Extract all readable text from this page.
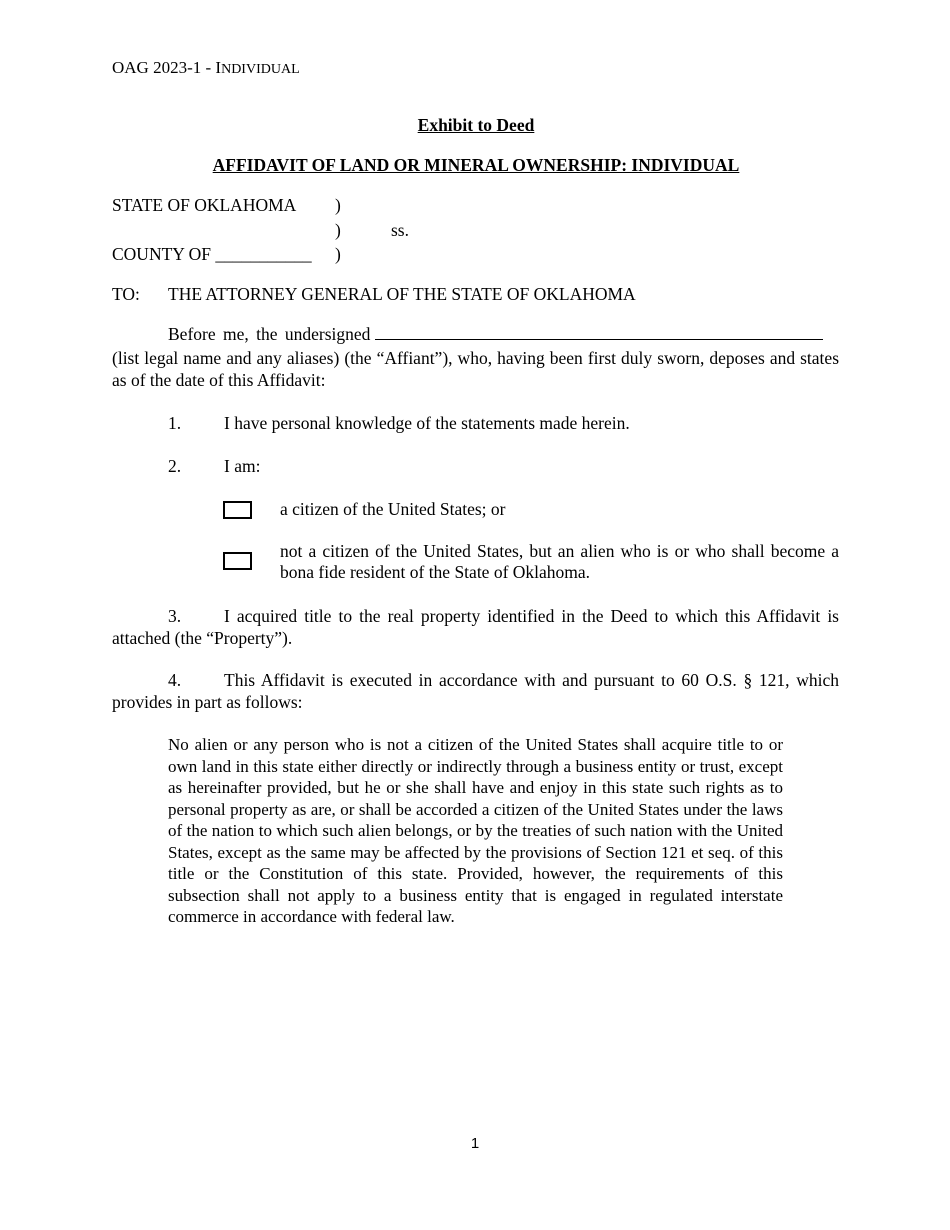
OAG 2023-1 - INDIVIDUAL
Exhibit to Deed
AFFIDAVIT OF LAND OR MINERAL OWNERSHIP: INDIVIDUAL
STATE OF OKLAHOMA )
)	ss.
COUNTY OF ___________ )
TO: THE ATTORNEY GENERAL OF THE STATE OF OKLAHOMA
Before me, the undersigned
(list legal name and any aliases) (the “Affiant”), who, having been first duly sworn, deposes and states as of the date of this Affidavit:
1. I have personal knowledge of the statements made herein.
2. I am:
a citizen of the United States; or
not a citizen of the United States, but an alien who is or who shall become a bona fide resident of the State of Oklahoma.
3. I acquired title to the real property identified in the Deed to which this Affidavit is attached (the “Property”).
4. This Affidavit is executed in accordance with and pursuant to 60 O.S. § 121, which provides in part as follows:
No alien or any person who is not a citizen of the United States shall acquire title to or own land in this state either directly or indirectly through a business entity or trust, except as hereinafter provided, but he or she shall have and enjoy in this state such rights as to personal property as are, or shall be accorded a citizen of the United States under the laws of the nation to which such alien belongs, or by the treaties of such nation with the United States, except as the same may be affected by the provisions of Section 121 et seq. of this title or the Constitution of this state. Provided, however, the requirements of this subsection shall not apply to a business entity that is engaged in regulated interstate commerce in accordance with federal law.
1
